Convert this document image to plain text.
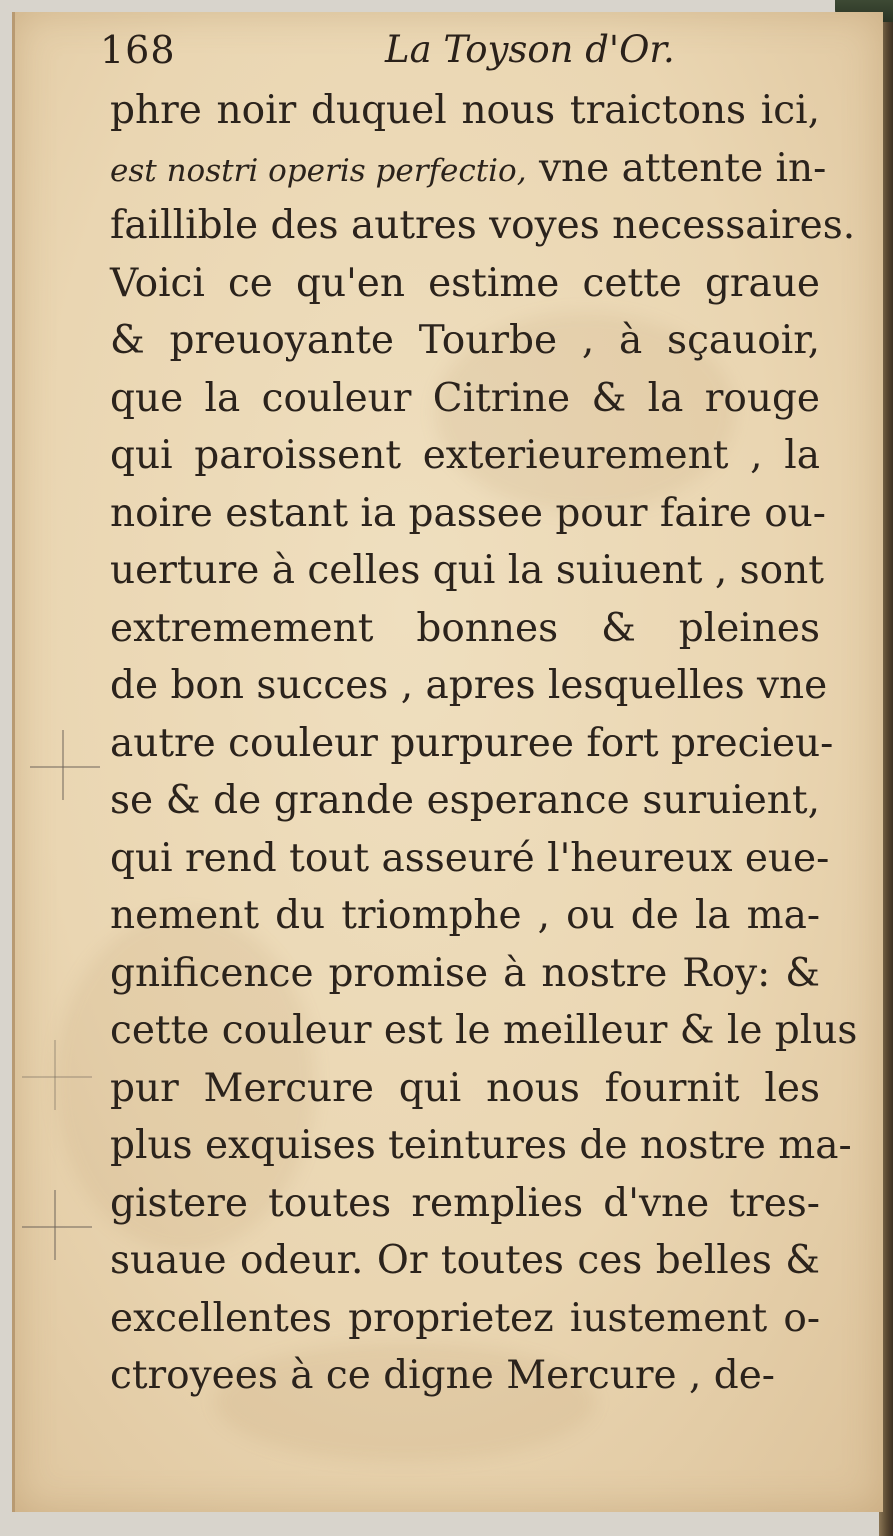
168	La Toyson d'Or.
phre noir duquel nous traictons ici,
est nostri operis perfectio, vne attente in-
faillible des autres voyes necessaires.
Voici ce qu'en estime cette graue
& preuoyante Tourbe , à sçauoir,
que la couleur Citrine & la rouge
qui paroissent exterieurement , la
noire estant ia passee pour faire ou-
uerture à celles qui la suiuent , sont
extremement bonnes & pleines
de bon succes , apres lesquelles vne
autre couleur purpuree fort precieu-
se & de grande esperance suruient,
qui rend tout asseuré l'heureux eue-
nement du triomphe , ou de la ma-
gnificence promise à nostre Roy: &
cette couleur est le meilleur & le plus
pur Mercure qui nous fournit les
plus exquises teintures de nostre ma-
gistere toutes remplies d'vne tres-
suaue odeur. Or toutes ces belles &
excellentes proprietez iustement o-
ctroyees à ce digne Mercure , de-
